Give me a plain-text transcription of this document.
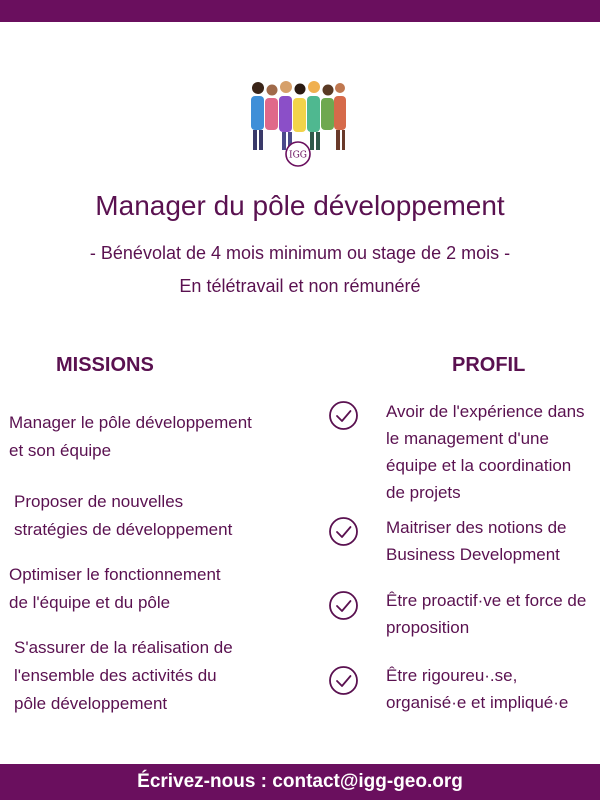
IGG
Manager du pôle développement
- Bénévolat de 4 mois minimum ou stage de 2 mois -
En télétravail et non rémunéré
MISSIONS	PROFIL
Manager le pôle développement
et son équipe
Proposer de nouvelles
stratégies de développement
Optimiser le fonctionnement
de l'équipe et du pôle
S'assurer de la réalisation de
l'ensemble des activités du
pôle développement
Avoir de l'expérience dans
le management d'une
équipe et la coordination
de projets
Maitriser des notions de
Business Development
Être proactif·ve et force de
proposition
Être rigoureu·.se,
organisé·e et impliqué·e
Écrivez-nous : contact@igg-geo.org
